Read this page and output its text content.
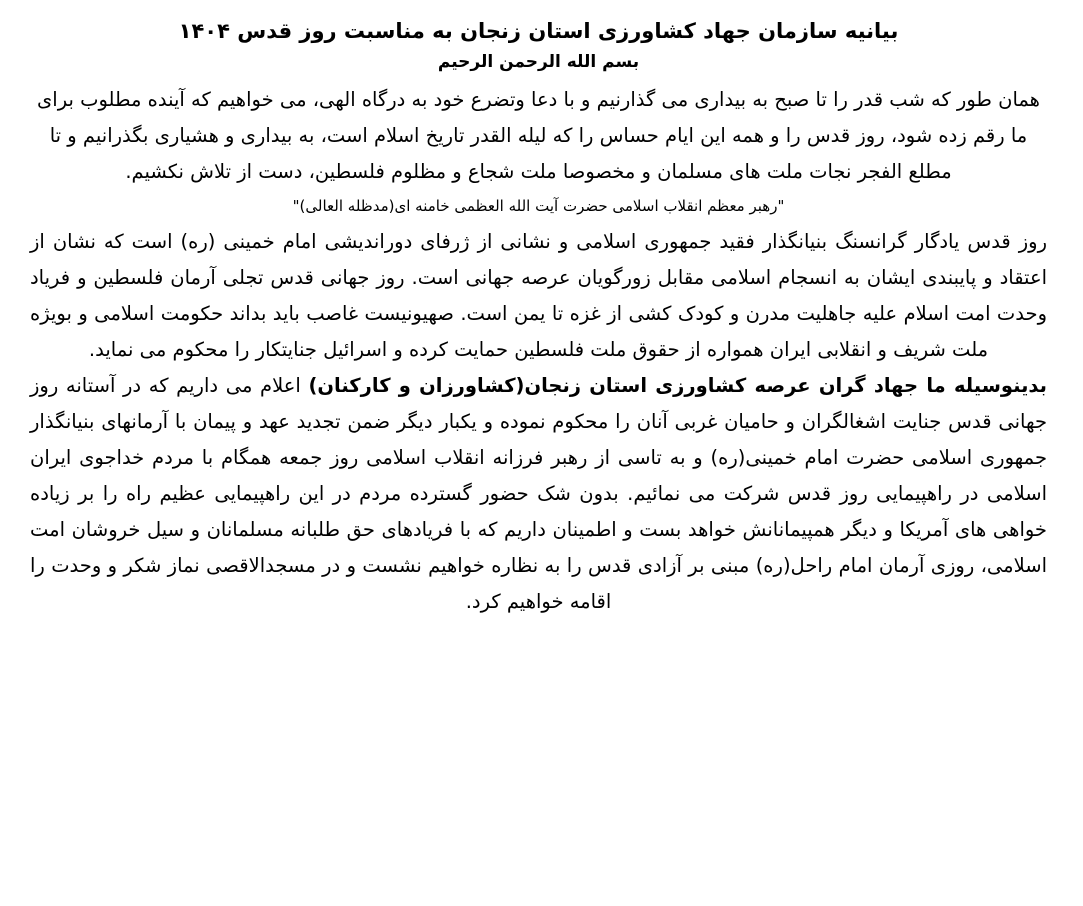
بیانیه سازمان جهاد کشاورزی استان زنجان به مناسبت روز قدس ۱۴۰۴
بسم الله الرحمن الرحیم

همان طور که شب قدر را تا صبح به بیداری می گذارنیم و با دعا وتضرع خود به درگاه الهی، می خواهیم که آینده مطلوب برای ما رقم زده شود، روز قدس را و همه این ایام حساس را که لیله القدر تاریخ اسلام است، به بیداری و هشیاری بگذرانیم و تا مطلع الفجر نجات ملت های مسلمان و مخصوصا ملت شجاع و مظلوم فلسطین، دست از تلاش نکشیم.

"رهبر معظم انقلاب اسلامی حضرت آیت الله العظمی خامنه ای(مدظله العالی)"

روز قدس یادگار گرانسنگ بنیانگذار فقید جمهوری اسلامی و نشانی از ژرفای دوراندیشی امام خمینی (ره) است که نشان از اعتقاد و پایبندی ایشان به انسجام اسلامی مقابل زورگویان عرصه جهانی است. روز جهانی قدس تجلی آرمان فلسطین و فریاد وحدت امت اسلام علیه جاهلیت مدرن و کودک کشی از غزه تا یمن است. صهیونیست غاصب باید بداند حکومت اسلامی و بویژه ملت شریف و انقلابی ایران همواره از حقوق ملت فلسطین حمایت کرده و اسرائیل جنایتکار را محکوم می نماید.

بدینوسیله ما جهاد گران عرصه کشاورزی استان زنجان(کشاورزان و کارکنان) اعلام می داریم که در آستانه روز جهانی قدس جنایت اشغالگران و حامیان غربی آنان را محکوم نموده و یکبار دیگر ضمن تجدید عهد و پیمان با آرمانهای بنیانگذار جمهوری اسلامی حضرت امام خمینی(ره) و به تاسی از رهبر فرزانه انقلاب اسلامی روز جمعه همگام با مردم خداجوی ایران اسلامی در راهپیمایی روز قدس شرکت می نمائیم. بدون شک حضور گسترده مردم در این راهپیمایی عظیم راه را بر زیاده خواهی های آمریکا و دیگر همپیمانانش خواهد بست و اطمینان داریم که با فریادهای حق طلبانه مسلمانان و سیل خروشان امت اسلامی، روزی آرمان امام راحل(ره) مبنی بر آزادی قدس را به نظاره خواهیم نشست و در مسجدالاقصی نماز شکر و وحدت را اقامه خواهیم کرد.
